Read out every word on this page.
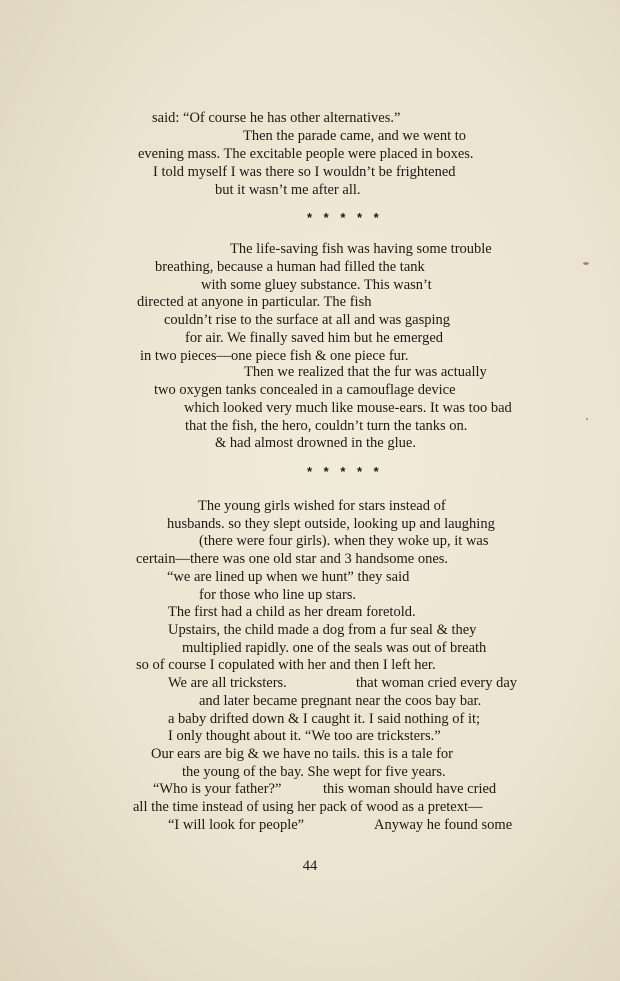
said: “Of course he has other alternatives.”
Then the parade came, and we went to
evening mass. The excitable people were placed in boxes.
I told myself I was there so I wouldn’t be frightened
but it wasn’t me after all.
* * * * *
The life-saving fish was having some trouble
breathing, because a human had filled the tank
with some gluey substance. This wasn’t
directed at anyone in particular. The fish
couldn’t rise to the surface at all and was gasping
for air. We finally saved him but he emerged
in two pieces—one piece fish & one piece fur.
Then we realized that the fur was actually
two oxygen tanks concealed in a camouflage device
which looked very much like mouse-ears. It was too bad
that the fish, the hero, couldn’t turn the tanks on.
& had almost drowned in the glue.
* * * * *
The young girls wished for stars instead of
husbands. so they slept outside, looking up and laughing
(there were four girls). when they woke up, it was
certain—there was one old star and 3 handsome ones.
“we are lined up when we hunt” they said
for those who line up stars.
The first had a child as her dream foretold.
Upstairs, the child made a dog from a fur seal & they
multiplied rapidly. one of the seals was out of breath
so of course I copulated with her and then I left her.
We are all tricksters.	that woman cried every day
and later became pregnant near the coos bay bar.
a baby drifted down & I caught it. I said nothing of it;
I only thought about it. “We too are tricksters.”
Our ears are big & we have no tails. this is a tale for
the young of the bay. She wept for five years.
“Who is your father?”	this woman should have cried
all the time instead of using her pack of wood as a pretext—
“I will look for people”	Anyway he found some
44
